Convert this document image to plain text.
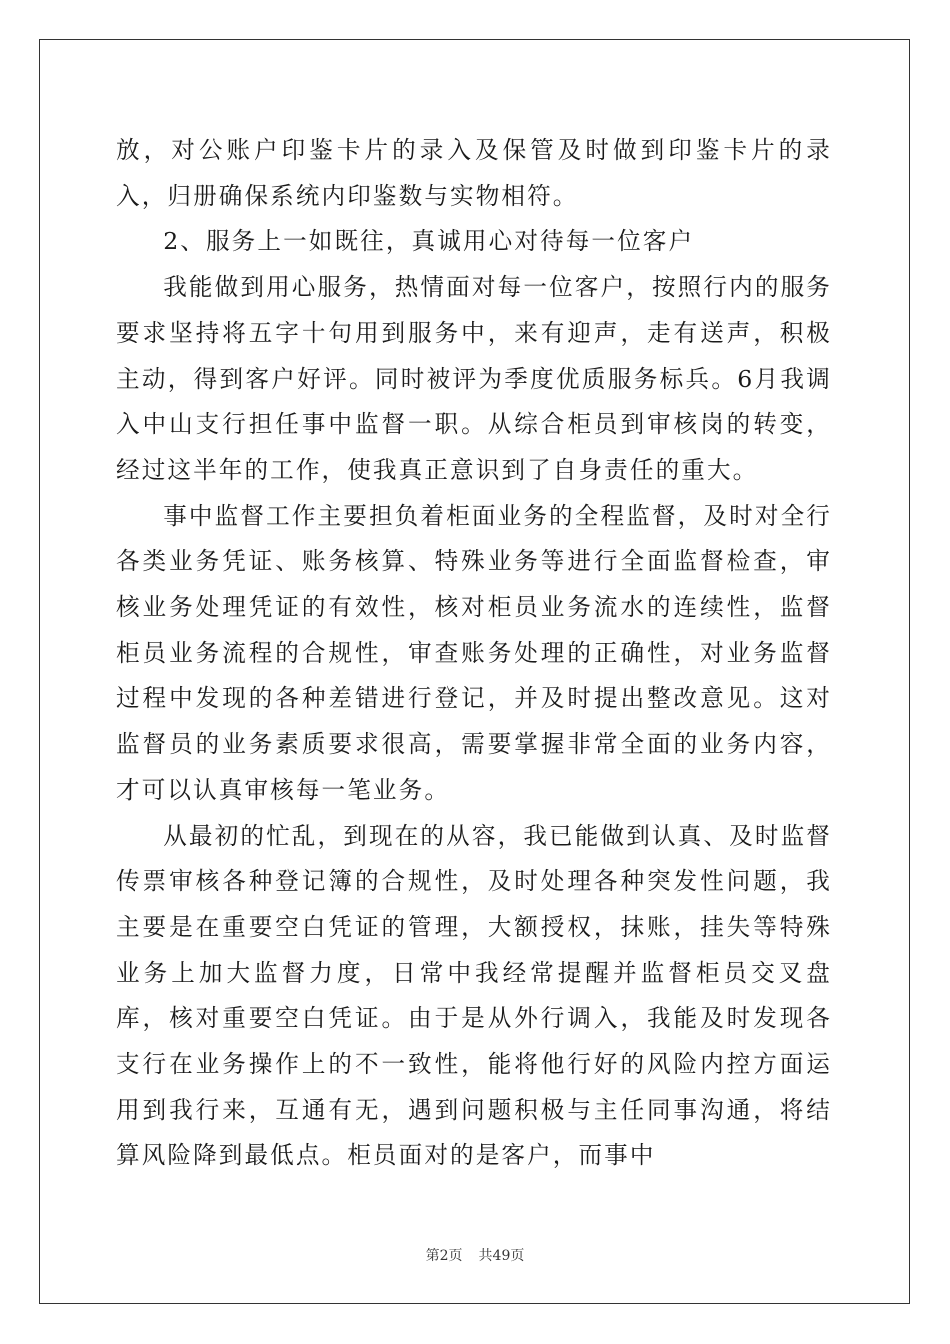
放，对公账户印鉴卡片的录入及保管及时做到印鉴卡片的录入，归册确保系统内印鉴数与实物相符。

2、服务上一如既往，真诚用心对待每一位客户

我能做到用心服务，热情面对每一位客户，按照行内的服务要求坚持将五字十句用到服务中，来有迎声，走有送声，积极主动，得到客户好评。同时被评为季度优质服务标兵。6月我调入中山支行担任事中监督一职。从综合柜员到审核岗的转变，经过这半年的工作，使我真正意识到了自身责任的重大。

事中监督工作主要担负着柜面业务的全程监督，及时对全行各类业务凭证、账务核算、特殊业务等进行全面监督检查，审核业务处理凭证的有效性，核对柜员业务流水的连续性，监督柜员业务流程的合规性，审查账务处理的正确性，对业务监督过程中发现的各种差错进行登记，并及时提出整改意见。这对监督员的业务素质要求很高，需要掌握非常全面的业务内容，才可以认真审核每一笔业务。

从最初的忙乱，到现在的从容，我已能做到认真、及时监督传票审核各种登记簿的合规性，及时处理各种突发性问题，我主要是在重要空白凭证的管理，大额授权，抹账，挂失等特殊业务上加大监督力度，日常中我经常提醒并监督柜员交叉盘库，核对重要空白凭证。由于是从外行调入，我能及时发现各支行在业务操作上的不一致性，能将他行好的风险内控方面运用到我行来，互通有无，遇到问题积极与主任同事沟通，将结算风险降到最低点。柜员面对的是客户，而事中

第2页 共49页
